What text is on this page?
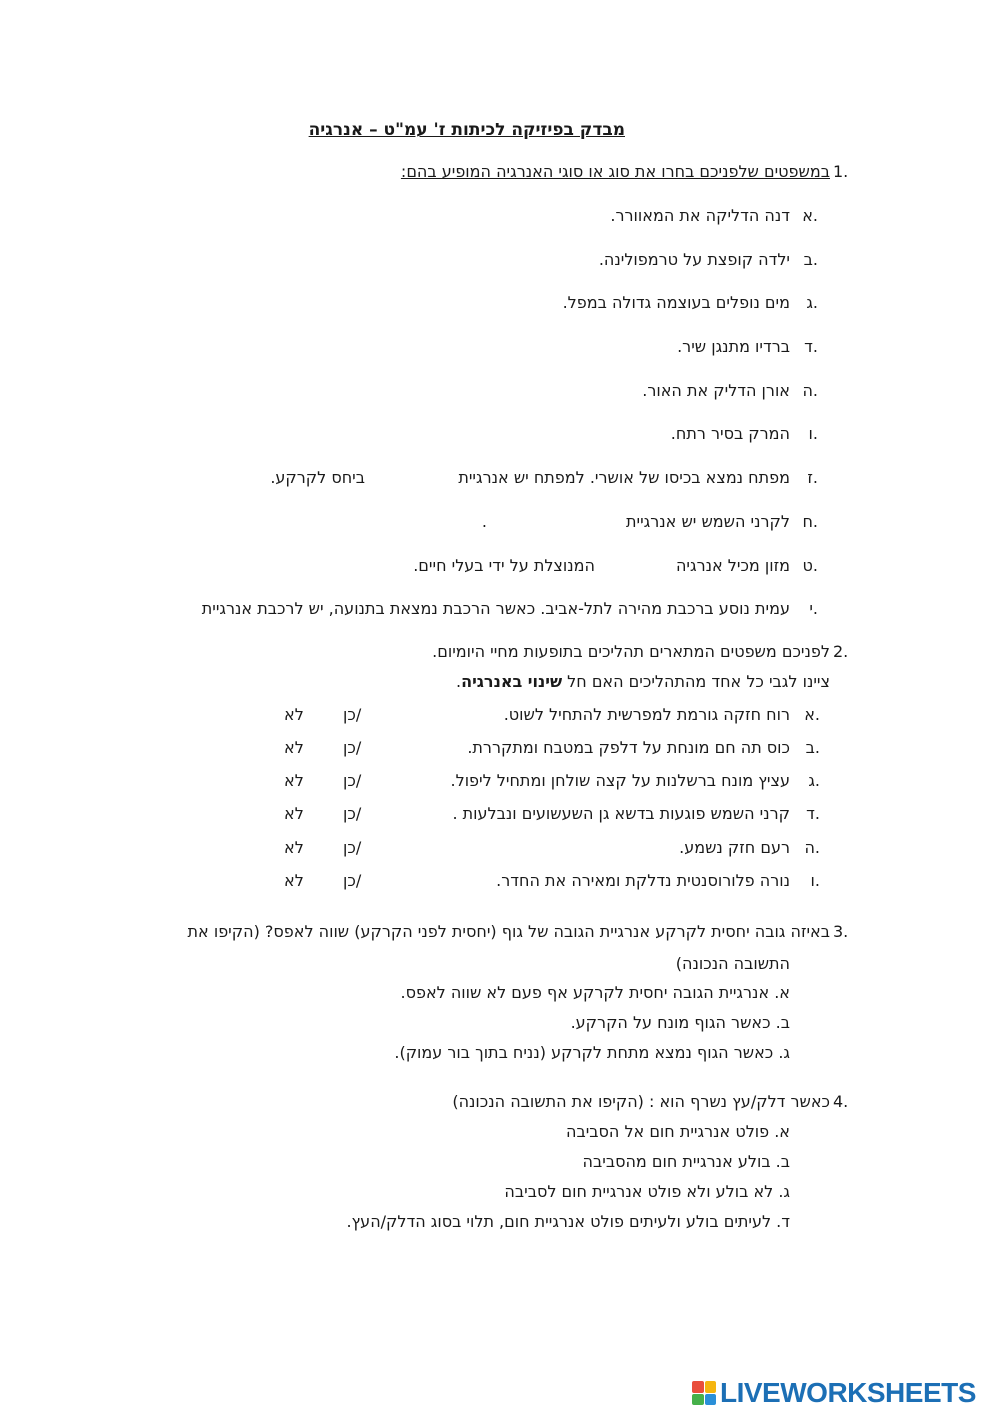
מבדק בפיזיקה לכיתות ז' עמ"ט – אנרגיה
1.
במשפטים שלפניכם בחרו את סוג או סוגי האנרגיה המופיע בהם:
א.
דנה הדליקה את המאוורר.
ב.
ילדה קופצת על טרמפולינה.
ג.
מים נופלים בעוצמה גדולה במפל.
ד.
ברדיו מתנגן שיר.
ה.
אורן הדליק את האור.
ו.
המרק בסיר רתח.
ז.
מפתח נמצא בכיסו של אושרי. למפתח יש אנרגיית
ביחס לקרקע.
ח.
לקרני השמש יש אנרגיית
.
ט.
מזון מכיל אנרגיה
המנוצלת על ידי בעלי חיים.
י.
עמית נוסע ברכבת מהירה לתל-אביב. כאשר הרכבת נמצאת בתנועה, יש לרכבת אנרגיית
2.
לפניכם משפטים המתארים תהליכים בתופעות מחיי היומיום.
ציינו לגבי כל אחד מהתהליכים האם חל שינוי באנרגיה.
א.
רוח חזקה גורמת למפרשית להתחיל לשוט.
כן/
לא
ב.
כוס תה חם מונחת על דלפק במטבח ומתקררת.
כן/
לא
ג.
עציץ מונח ברשלנות על קצה שולחן ומתחיל ליפול.
כן/
לא
ד.
קרני השמש פוגעות בדשא גן השעשועים ונבלעות .
כן/
לא
ה.
רעם חזק נשמע.
כן/
לא
ו.
נורה פלורוסנטית נדלקת ומאירה את החדר.
כן/
לא
3.
באיזה גובה יחסית לקרקע אנרגיית הגובה של גוף (יחסית לפני הקרקע) שווה לאפס? (הקיפו את
התשובה הנכונה)
א. אנרגיית הגובה יחסית לקרקע אף פעם לא שווה לאפס.
ב. כאשר הגוף מונח על הקרקע.
ג. כאשר הגוף נמצא מתחת לקרקע (נניח בתוך בור עמוק).
4.
כאשר דלק/עץ נשרף הוא : (הקיפו את התשובה הנכונה)
א. פולט אנרגיית חום אל הסביבה
ב. בולע אנרגיית חום מהסביבה
ג. לא בולע ולא פולט אנרגיית חום לסביבה
ד. לעיתים בולע ולעיתים פולט אנרגיית חום, תלוי בסוג הדלק/העץ.
LIVEWORKSHEETS
